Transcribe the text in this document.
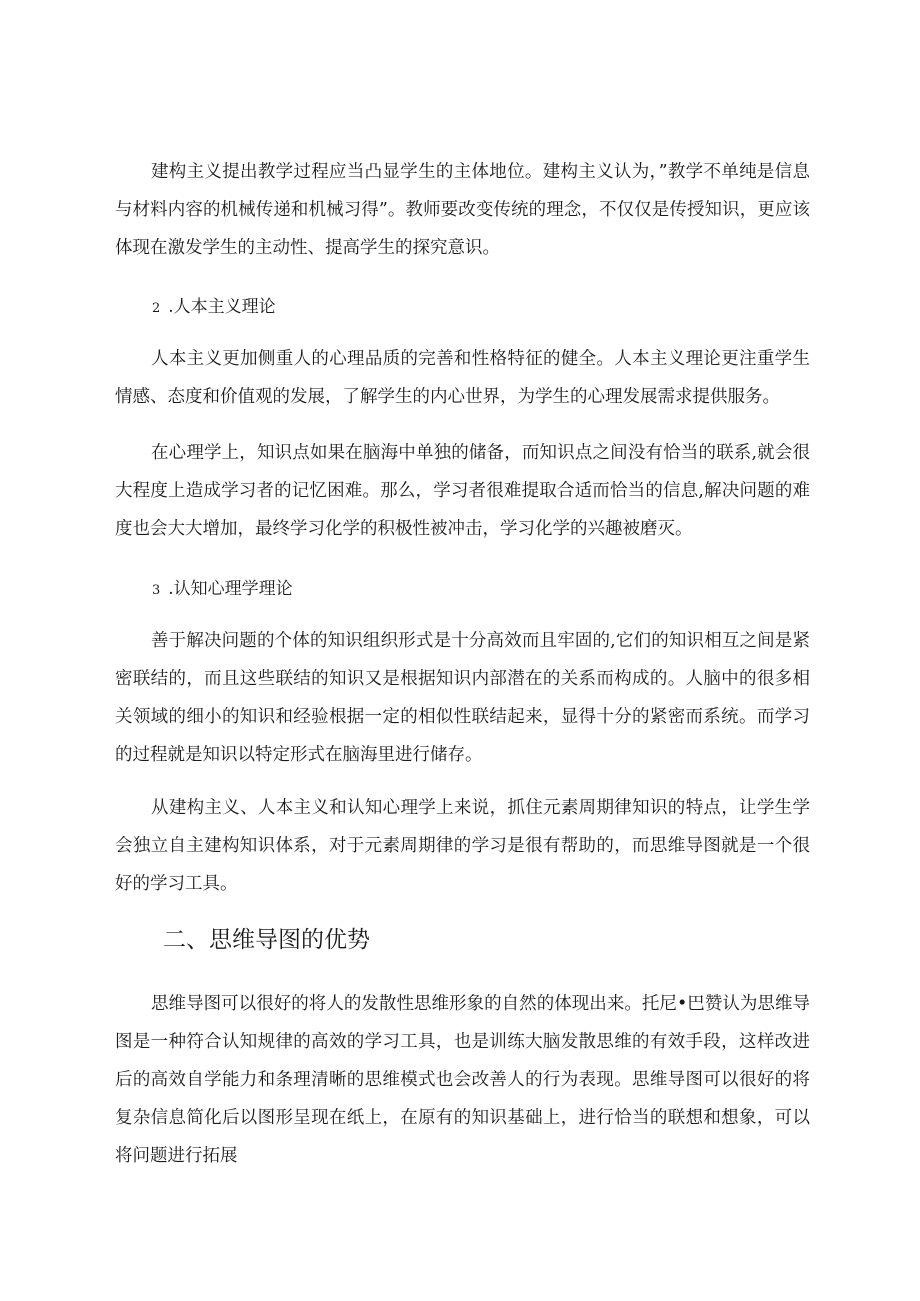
建构主义提出教学过程应当凸显学生的主体地位。建构主义认为，”教学不单纯是信息与材料内容的机械传递和机械习得”。教师要改变传统的理念，不仅仅是传授知识，更应该体现在激发学生的主动性、提高学生的探究意识。

2 .人本主义理论

人本主义更加侧重人的心理品质的完善和性格特征的健全。人本主义理论更注重学生情感、态度和价值观的发展，了解学生的内心世界，为学生的心理发展需求提供服务。

在心理学上，知识点如果在脑海中单独的储备，而知识点之间没有恰当的联系,就会很大程度上造成学习者的记忆困难。那么，学习者很难提取合适而恰当的信息,解决问题的难度也会大大增加，最终学习化学的积极性被冲击，学习化学的兴趣被磨灭。

3 .认知心理学理论

善于解决问题的个体的知识组织形式是十分高效而且牢固的,它们的知识相互之间是紧密联结的，而且这些联结的知识又是根据知识内部潜在的关系而构成的。人脑中的很多相关领域的细小的知识和经验根据一定的相似性联结起来，显得十分的紧密而系统。而学习的过程就是知识以特定形式在脑海里进行储存。

从建构主义、人本主义和认知心理学上来说，抓住元素周期律知识的特点，让学生学会独立自主建构知识体系，对于元素周期律的学习是很有帮助的，而思维导图就是一个很好的学习工具。

二、思维导图的优势

思维导图可以很好的将人的发散性思维形象的自然的体现出来。托尼•巴赞认为思维导图是一种符合认知规律的高效的学习工具，也是训练大脑发散思维的有效手段，这样改进后的高效自学能力和条理清晰的思维模式也会改善人的行为表现。思维导图可以很好的将复杂信息简化后以图形呈现在纸上，在原有的知识基础上，进行恰当的联想和想象，可以将问题进行拓展
